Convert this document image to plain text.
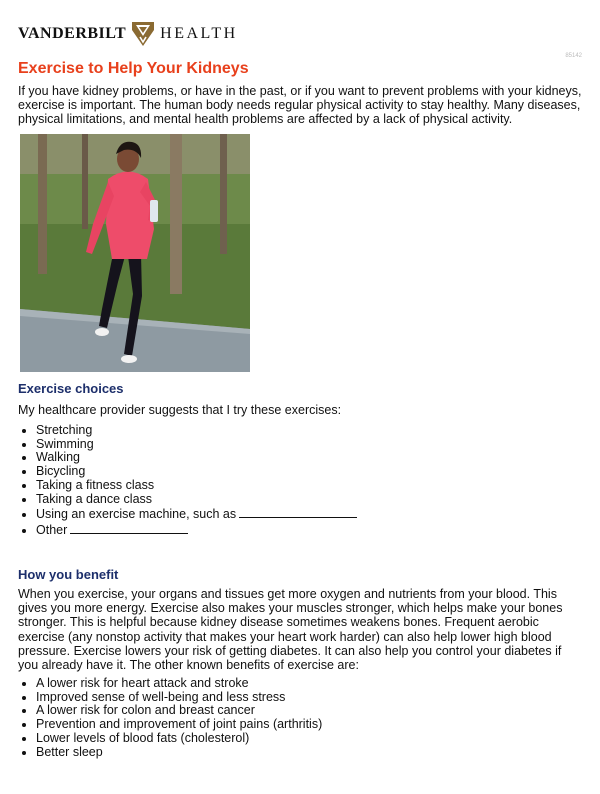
VANDERBILT HEALTH
85142
Exercise to Help Your Kidneys

If you have kidney problems, or have in the past, or if you want to prevent problems with your kidneys, exercise is important. The human body needs regular physical activity to stay healthy. Many diseases, physical limitations, and mental health problems are affected by a lack of physical activity.

Exercise choices

My healthcare provider suggests that I try these exercises:

• Stretching
• Swimming
• Walking
• Bicycling
• Taking a fitness class
• Taking a dance class
• Using an exercise machine, such as
• Other
How you benefit

When you exercise, your organs and tissues get more oxygen and nutrients from your blood. This gives you more energy. Exercise also makes your muscles stronger, which helps make your bones stronger. This is helpful because kidney disease sometimes weakens bones. Frequent aerobic exercise (any nonstop activity that makes your heart work harder) can also help lower high blood pressure. Exercise lowers your risk of getting diabetes. It can also help you control your diabetes if you already have it. The other known benefits of exercise are:

• A lower risk for heart attack and stroke
• Improved sense of well-being and less stress
• A lower risk for colon and breast cancer
• Prevention and improvement of joint pains (arthritis)
• Lower levels of blood fats (cholesterol)
• Better sleep
